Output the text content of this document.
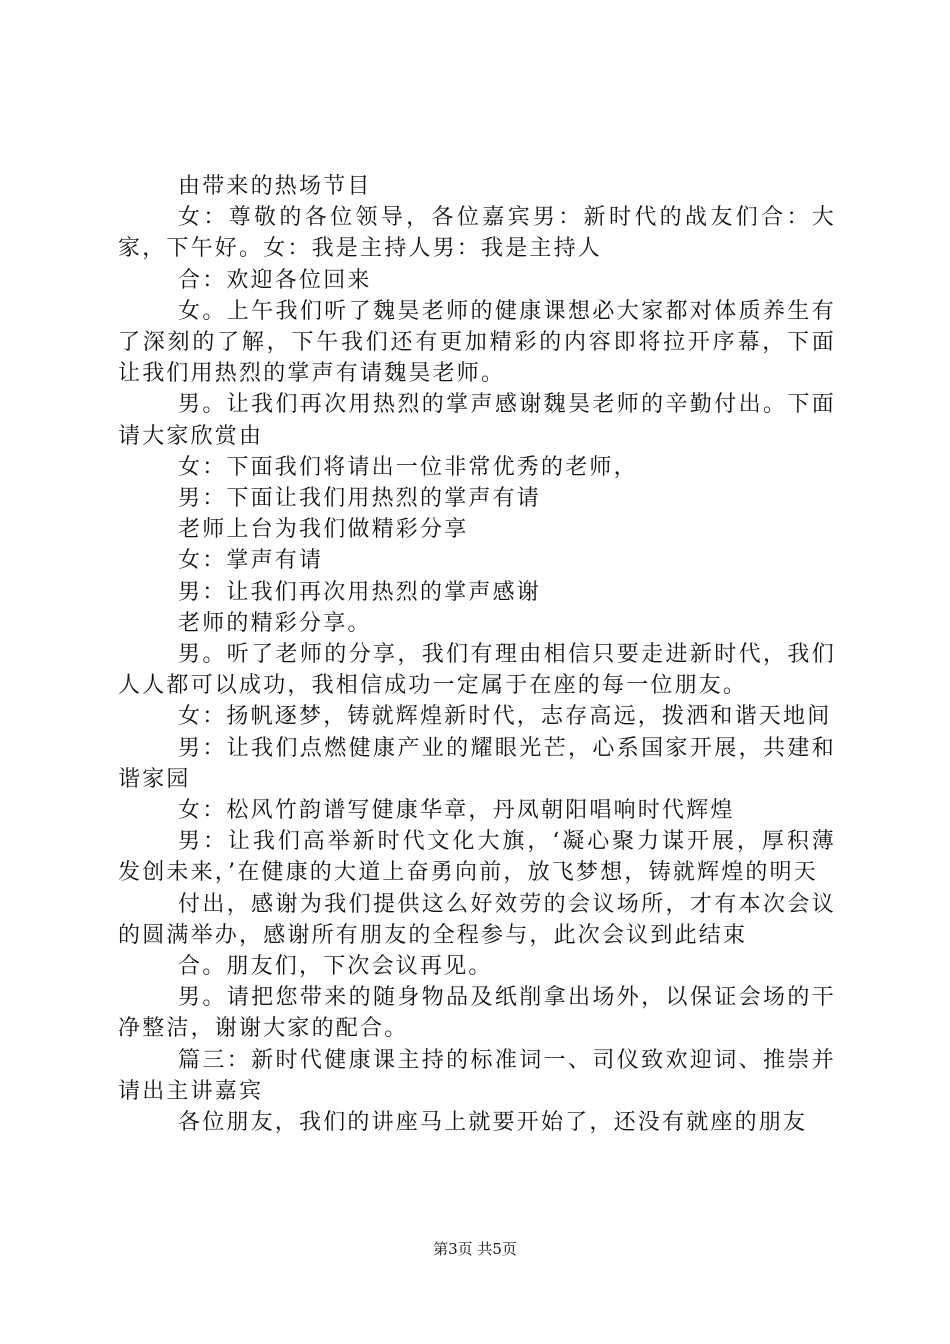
由带来的热场节目

女：尊敬的各位领导，各位嘉宾男：新时代的战友们合：大家，下午好。女：我是主持人男：我是主持人

合：欢迎各位回来

女。上午我们听了魏昊老师的健康课想必大家都对体质养生有了深刻的了解，下午我们还有更加精彩的内容即将拉开序幕，下面让我们用热烈的掌声有请魏昊老师。

男。让我们再次用热烈的掌声感谢魏昊老师的辛勤付出。下面请大家欣赏由

女：下面我们将请出一位非常优秀的老师，

男：下面让我们用热烈的掌声有请

老师上台为我们做精彩分享

女：掌声有请

男：让我们再次用热烈的掌声感谢

老师的精彩分享。

男。听了老师的分享，我们有理由相信只要走进新时代，我们人人都可以成功，我相信成功一定属于在座的每一位朋友。

女：扬帆逐梦，铸就辉煌新时代，志存高远，拨洒和谐天地间

男：让我们点燃健康产业的耀眼光芒，心系国家开展，共建和谐家园

女：松风竹韵谱写健康华章，丹凤朝阳唱响时代辉煌

男：让我们高举新时代文化大旗，‘凝心聚力谋开展，厚积薄发创未来，’在健康的大道上奋勇向前，放飞梦想，铸就辉煌的明天

付出，感谢为我们提供这么好效劳的会议场所，才有本次会议的圆满举办，感谢所有朋友的全程参与，此次会议到此结束

合。朋友们，下次会议再见。

男。请把您带来的随身物品及纸削拿出场外，以保证会场的干净整洁，谢谢大家的配合。

篇三：新时代健康课主持的标准词一、司仪致欢迎词、推崇并请出主讲嘉宾

各位朋友，我们的讲座马上就要开始了，还没有就座的朋友

第3页 共5页
